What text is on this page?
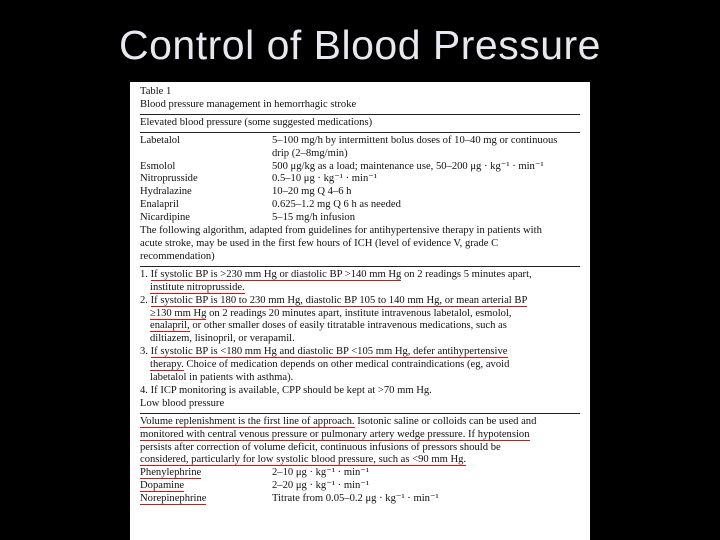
Control of Blood Pressure
Table 1
Blood pressure management in hemorrhagic stroke
Elevated blood pressure (some suggested medications)
Labetalol	5–100 mg/h by intermittent bolus doses of 10–40 mg or continuous
drip (2–8mg/min)
Esmolol	500 μg/kg as a load; maintenance use, 50–200 μg · kg⁻¹ · min⁻¹
Nitroprusside	0.5–10 μg · kg⁻¹ · min⁻¹
Hydralazine	10–20 mg Q 4–6 h
Enalapril	0.625–1.2 mg Q 6 h as needed
Nicardipine	5–15 mg/h infusion
The following algorithm, adapted from guidelines for antihypertensive therapy in patients with
acute stroke, may be used in the first few hours of ICH (level of evidence V, grade C
recommendation)
1. If systolic BP is >230 mm Hg or diastolic BP >140 mm Hg on 2 readings 5 minutes apart,
institute nitroprusside.
2. If systolic BP is 180 to 230 mm Hg, diastolic BP 105 to 140 mm Hg, or mean arterial BP
≥130 mm Hg on 2 readings 20 minutes apart, institute intravenous labetalol, esmolol,
enalapril, or other smaller doses of easily titratable intravenous medications, such as
diltiazem, lisinopril, or verapamil.
3. If systolic BP is <180 mm Hg and diastolic BP <105 mm Hg, defer antihypertensive
therapy. Choice of medication depends on other medical contraindications (eg, avoid
labetalol in patients with asthma).
4. If ICP monitoring is available, CPP should be kept at >70 mm Hg.
Low blood pressure
Volume replenishment is the first line of approach. Isotonic saline or colloids can be used and
monitored with central venous pressure or pulmonary artery wedge pressure. If hypotension
persists after correction of volume deficit, continuous infusions of pressors should be
considered, particularly for low systolic blood pressure, such as <90 mm Hg.
Phenylephrine	2–10 μg · kg⁻¹ · min⁻¹
Dopamine	2–20 μg · kg⁻¹ · min⁻¹
Norepinephrine	Titrate from 0.05–0.2 μg · kg⁻¹ · min⁻¹
